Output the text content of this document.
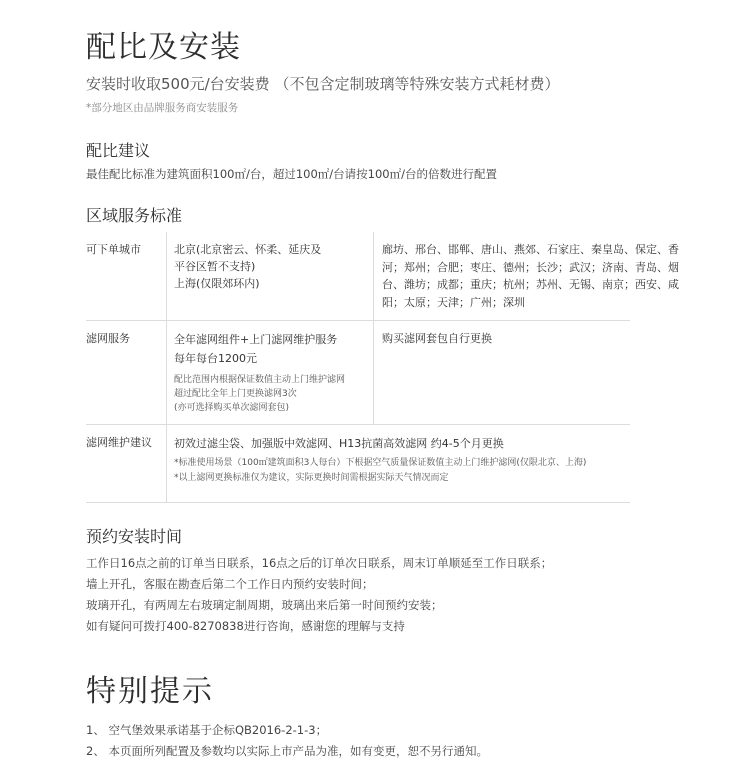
配比及安装
安装时收取500元/台安装费 （不包含定制玻璃等特殊安装方式耗材费）
*部分地区由品牌服务商安装服务
配比建议
最佳配比标准为建筑面积100㎡/台，超过100㎡/台请按100㎡/台的倍数进行配置
区域服务标准
可下单城市	北京(北京密云、怀柔、延庆及
平谷区暂不支持)
上海(仅限郊环内)
廊坊、邢台、邯郸、唐山、燕郊、石家庄、秦皇岛、保定、香
河；郑州；合肥；枣庄、德州；长沙；武汉；济南、青岛、烟
台、潍坊；成都；重庆；杭州；苏州、无锡、南京；西安、咸
阳；太原；天津；广州；深圳
滤网服务	全年滤网组件+上门滤网维护服务
每年每台1200元
配比范围内根据保证数值主动上门维护滤网
超过配比全年上门更换滤网3次
(亦可选择购买单次滤网套包)
购买滤网套包自行更换
滤网维护建议 初效过滤尘袋、加强版中效滤网、H13抗菌高效滤网 约4-5个月更换
*标准使用场景（100㎡建筑面积3人每台）下根据空气质量保证数值主动上门维护滤网(仅限北京、上海)
*以上滤网更换标准仅为建议，实际更换时间需根据实际天气情况而定
预约安装时间
工作日16点之前的订单当日联系，16点之后的订单次日联系，周末订单顺延至工作日联系；
墙上开孔，客服在勘查后第二个工作日内预约安装时间；
玻璃开孔，有两周左右玻璃定制周期，玻璃出来后第一时间预约安装；
如有疑问可拨打400-8270838进行咨询，感谢您的理解与支持
特别提示
1、 空气堡效果承诺基于企标QB2016-2-1-3；
2、 本页面所列配置及参数均以实际上市产品为准，如有变更，恕不另行通知。
